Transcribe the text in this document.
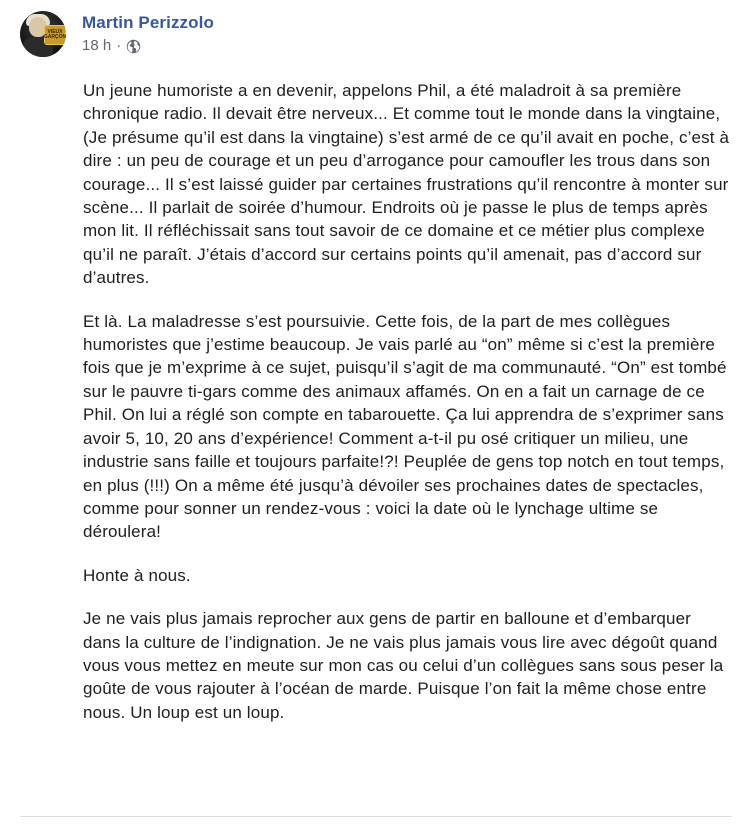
VIEUX GARÇON
Martin Perizzolo
18 h ·

Un jeune humoriste a en devenir, appelons Phil, a été maladroit à sa première chronique radio. Il devait être nerveux... Et comme tout le monde dans la vingtaine, (Je présume qu’il est dans la vingtaine) s’est armé de ce qu’il avait en poche, c’est à dire : un peu de courage et un peu d’arrogance pour camoufler les trous dans son courage... Il s’est laissé guider par certaines frustrations qu’il rencontre à monter sur scène... Il parlait de soirée d’humour. Endroits où je passe le plus de temps après mon lit. Il réfléchissait sans tout savoir de ce domaine et ce métier plus complexe qu’il ne paraît. J’étais d’accord sur certains points qu’il amenait, pas d’accord sur d’autres.

Et là. La maladresse s’est poursuivie. Cette fois, de la part de mes collègues humoristes que j’estime beaucoup. Je vais parlé au “on” même si c’est la première fois que je m’exprime à ce sujet, puisqu’il s’agit de ma communauté. “On” est tombé sur le pauvre ti-gars comme des animaux affamés. On en a fait un carnage de ce Phil. On lui a réglé son compte en tabarouette. Ça lui apprendra de s’exprimer sans avoir 5, 10, 20 ans d’expérience! Comment a-t-il pu osé critiquer un milieu, une industrie sans faille et toujours parfaite!?! Peuplée de gens top notch en tout temps, en plus (!!!) On a même été jusqu’à dévoiler ses prochaines dates de spectacles, comme pour sonner un rendez-vous : voici la date où le lynchage ultime se déroulera!

Honte à nous.

Je ne vais plus jamais reprocher aux gens de partir en balloune et d’embarquer dans la culture de l’indignation. Je ne vais plus jamais vous lire avec dégoût quand vous vous mettez en meute sur mon cas ou celui d’un collègues sans sous peser la goûte de vous rajouter à l’océan de marde. Puisque l’on fait la même chose entre nous. Un loup est un loup.
